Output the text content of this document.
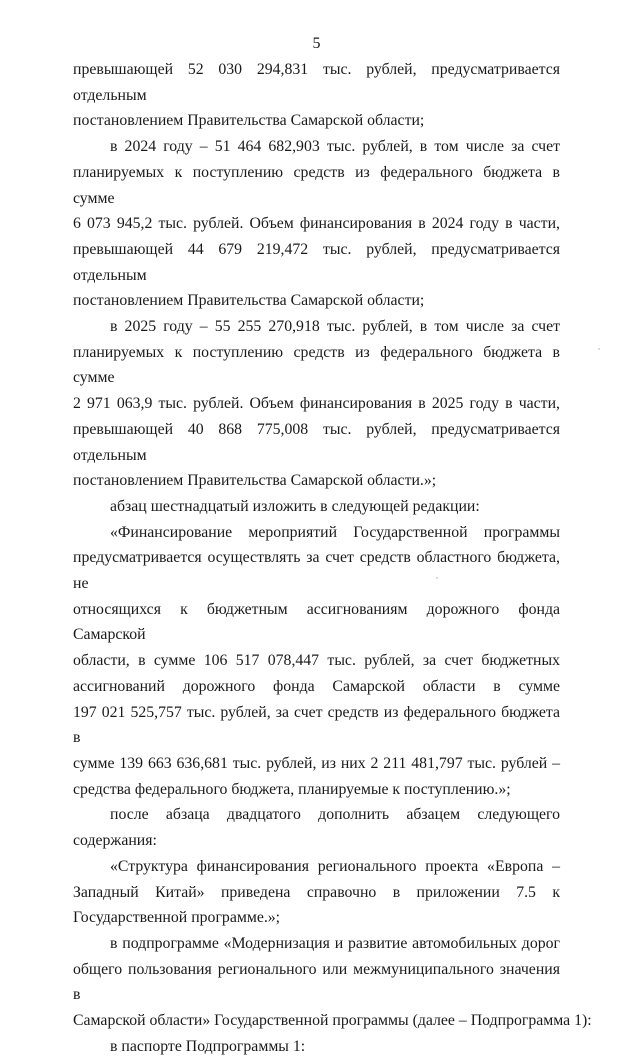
5
превышающей 52 030 294,831 тыс. рублей, предусматривается отдельным
постановлением Правительства Самарской области;
в 2024 году – 51 464 682,903 тыс. рублей, в том числе за счет
планируемых к поступлению средств из федерального бюджета в сумме
6 073 945,2 тыс. рублей. Объем финансирования в 2024 году в части,
превышающей 44 679 219,472 тыс. рублей, предусматривается отдельным
постановлением Правительства Самарской области;
в 2025 году – 55 255 270,918 тыс. рублей, в том числе за счет
планируемых к поступлению средств из федерального бюджета в сумме
2 971 063,9 тыс. рублей. Объем финансирования в 2025 году в части,
превышающей 40 868 775,008 тыс. рублей, предусматривается отдельным
постановлением Правительства Самарской области.»;
абзац шестнадцатый изложить в следующей редакции:
«Финансирование мероприятий Государственной программы
предусматривается осуществлять за счет средств областного бюджета, не
относящихся к бюджетным ассигнованиям дорожного фонда Самарской
области, в сумме 106 517 078,447 тыс. рублей, за счет бюджетных
ассигнований дорожного фонда Самарской области в сумме
197 021 525,757 тыс. рублей, за счет средств из федерального бюджета в
сумме 139 663 636,681 тыс. рублей, из них 2 211 481,797 тыс. рублей –
средства федерального бюджета, планируемые к поступлению.»;
после абзаца двадцатого дополнить абзацем следующего
содержания:
«Структура финансирования регионального проекта «Европа –
Западный Китай» приведена справочно в приложении 7.5 к
Государственной программе.»;
в подпрограмме «Модернизация и развитие автомобильных дорог
общего пользования регионального или межмуниципального значения в
Самарской области» Государственной программы (далее – Подпрограмма 1):
в паспорте Подпрограммы 1:
